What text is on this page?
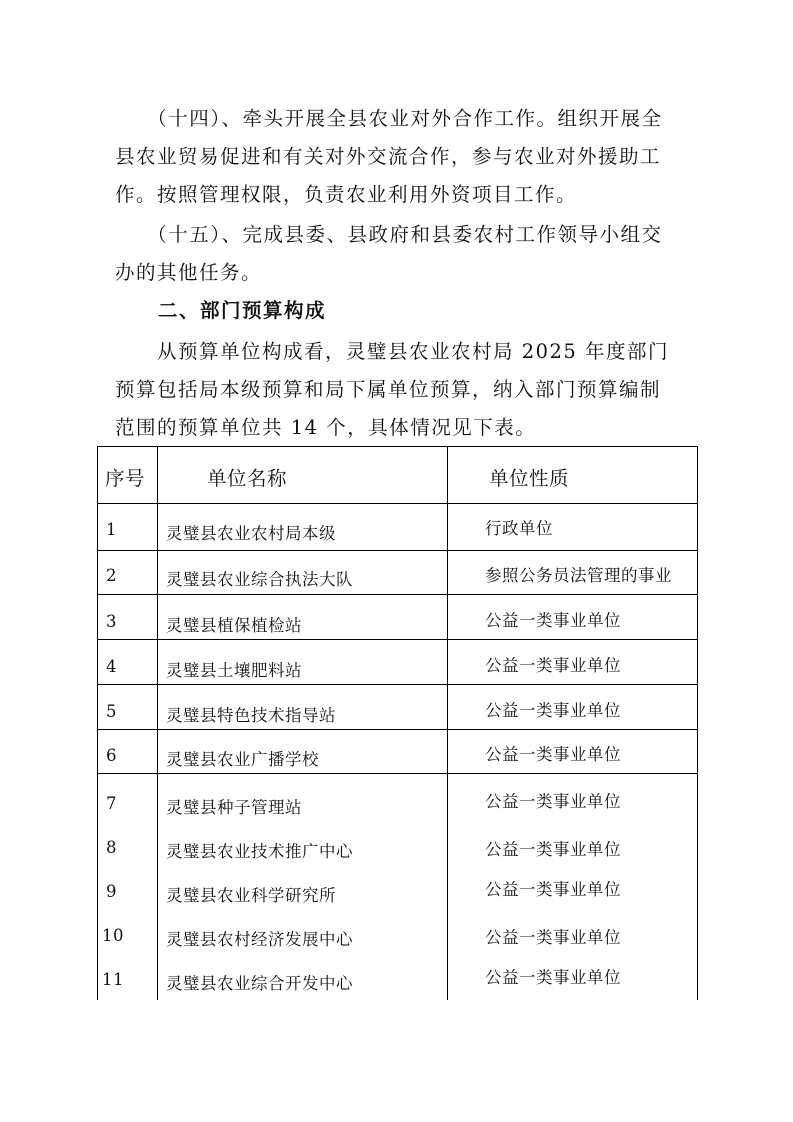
　　（十四）、牵头开展全县农业对外合作工作。组织开展全
县农业贸易促进和有关对外交流合作，参与农业对外援助工
作。按照管理权限，负责农业利用外资项目工作。
　　（十五）、完成县委、县政府和县委农村工作领导小组交
办的其他任务。
二、部门预算构成
　　从预算单位构成看，灵璧县农业农村局 2025 年度部门
预算包括局本级预算和局下属单位预算，纳入部门预算编制
范围的预算单位共 14 个，具体情况见下表。
序号	单位名称	单位性质
1	灵璧县农业农村局本级	行政单位
2	灵璧县农业综合执法大队	参照公务员法管理的事业
3	灵璧县植保植检站	公益一类事业单位
4	灵璧县土壤肥料站	公益一类事业单位
5	灵璧县特色技术指导站	公益一类事业单位
6	灵璧县农业广播学校	公益一类事业单位
7	灵璧县种子管理站	公益一类事业单位
8	灵璧县农业技术推广中心	公益一类事业单位
9	灵璧县农业科学研究所	公益一类事业单位
10	灵璧县农村经济发展中心	公益一类事业单位
11	灵璧县农业综合开发中心	公益一类事业单位
